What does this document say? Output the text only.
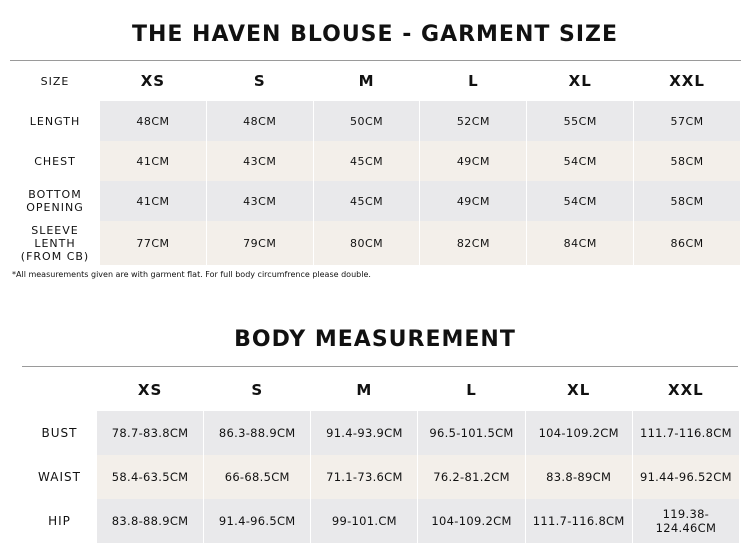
THE HAVEN BLOUSE - GARMENT SIZE
SIZE	XS	S	M	L	XL	XXL
LENGTH	48CM	48CM	50CM	52CM	55CM	57CM
CHEST	41CM	43CM	45CM	49CM	54CM	58CM
BOTTOM
OPENING	41CM	43CM	45CM	49CM	54CM	58CM
SLEEVE
LENTH
(FROM CB)	77CM	79CM	80CM	82CM	84CM	86CM
*All measurements given are with garment flat. For full body circumfrence please double.
BODY MEASUREMENT
	XS	S	M	L	XL	XXL
BUST	78.7-83.8CM	86.3-88.9CM	91.4-93.9CM	96.5-101.5CM	104-109.2CM	111.7-116.8CM
WAIST	58.4-63.5CM	66-68.5CM	71.1-73.6CM	76.2-81.2CM	83.8-89CM	91.44-96.52CM
HIP	83.8-88.9CM	91.4-96.5CM	99-101.CM	104-109.2CM	111.7-116.8CM	119.38-124.46CM
